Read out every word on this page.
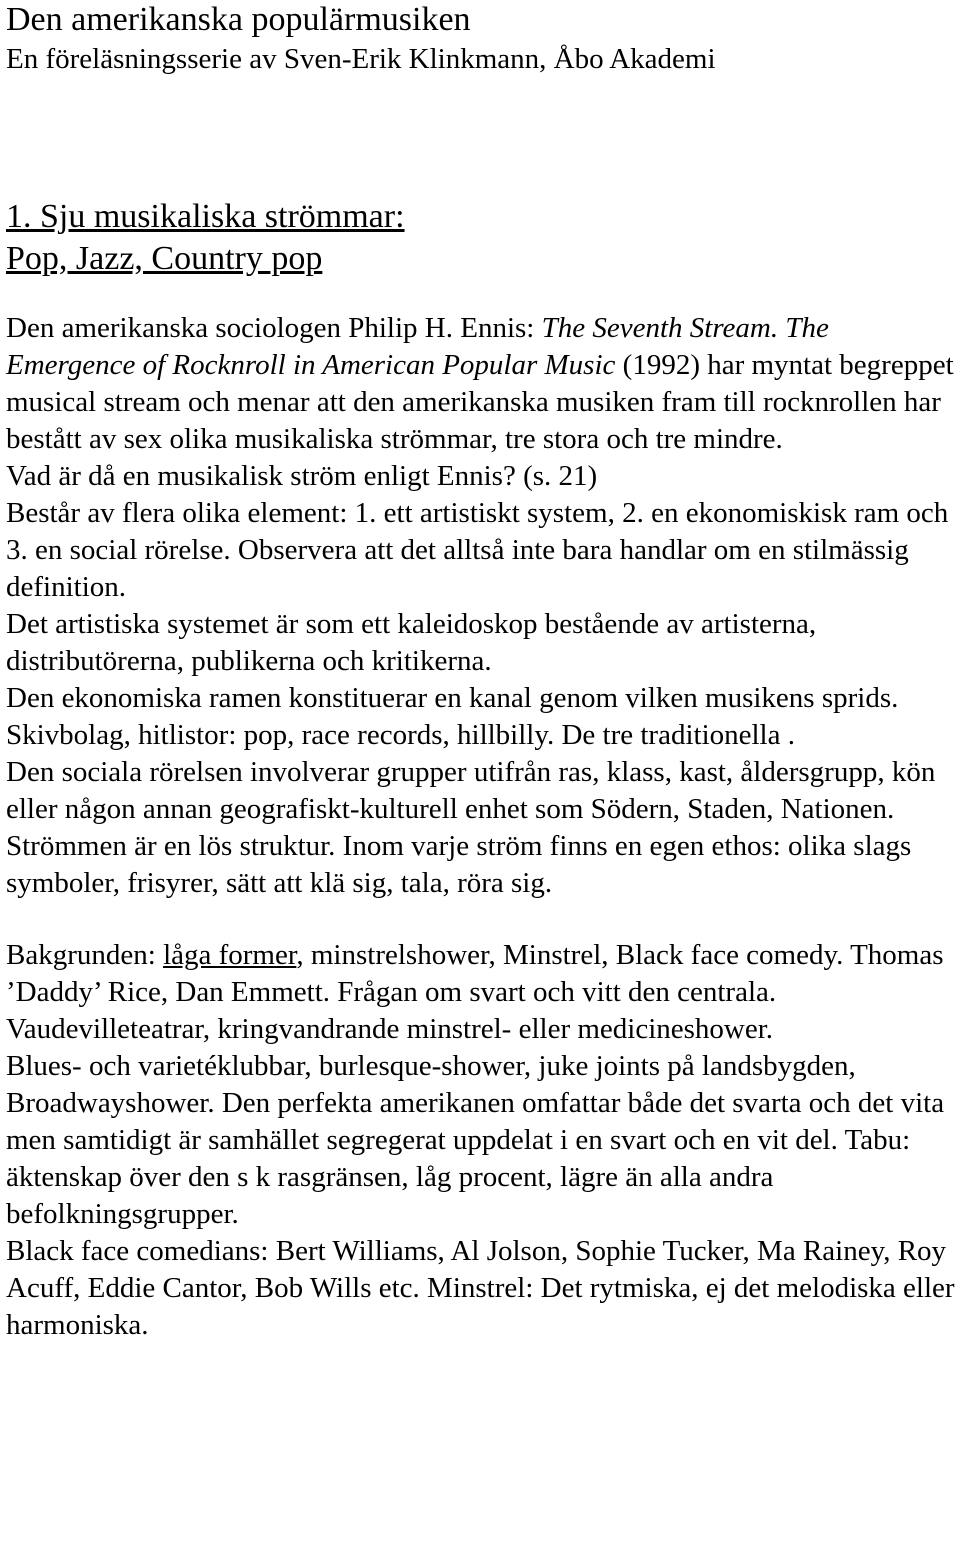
Den amerikanska populärmusiken
En föreläsningsserie av Sven-Erik Klinkmann, Åbo Akademi
1. Sju musikaliska strömmar:
Pop, Jazz, Country pop

Den amerikanska sociologen Philip H. Ennis: The Seventh Stream. The Emergence of Rocknroll in American Popular Music (1992) har myntat begreppet musical stream och menar att den amerikanska musiken fram till rocknrollen har bestått av sex olika musikaliska strömmar, tre stora och tre mindre.

Vad är då en musikalisk ström enligt Ennis? (s. 21)

Består av flera olika element: 1. ett artistiskt system, 2. en ekonomiskisk ram och 3. en social rörelse. Observera att det alltså inte bara handlar om en stilmässig definition.

Det artistiska systemet är som ett kaleidoskop bestående av artisterna, distributörerna, publikerna och kritikerna.

Den ekonomiska ramen konstituerar en kanal genom vilken musikens sprids. Skivbolag, hitlistor: pop, race records, hillbilly. De tre traditionella .

Den sociala rörelsen involverar grupper utifrån ras, klass, kast, åldersgrupp, kön eller någon annan geografiskt-kulturell enhet som Södern, Staden, Nationen. Strömmen är en lös struktur. Inom varje ström finns en egen ethos: olika slags symboler, frisyrer, sätt att klä sig, tala, röra sig.

Bakgrunden: låga former, minstrelshower, Minstrel, Black face comedy. Thomas ’Daddy’ Rice, Dan Emmett. Frågan om svart och vitt den centrala.

Vaudevilleteatrar, kringvandrande minstrel- eller medicineshower.

Blues- och varietéklubbar, burlesque-shower, juke joints på landsbygden, Broadwayshower. Den perfekta amerikanen omfattar både det svarta och det vita men samtidigt är samhället segregerat uppdelat i en svart och en vit del. Tabu: äktenskap över den s k rasgränsen, låg procent, lägre än alla andra befolkningsgrupper.

Black face comedians: Bert Williams, Al Jolson, Sophie Tucker, Ma Rainey, Roy Acuff, Eddie Cantor, Bob Wills etc. Minstrel: Det rytmiska, ej det melodiska eller harmoniska.
